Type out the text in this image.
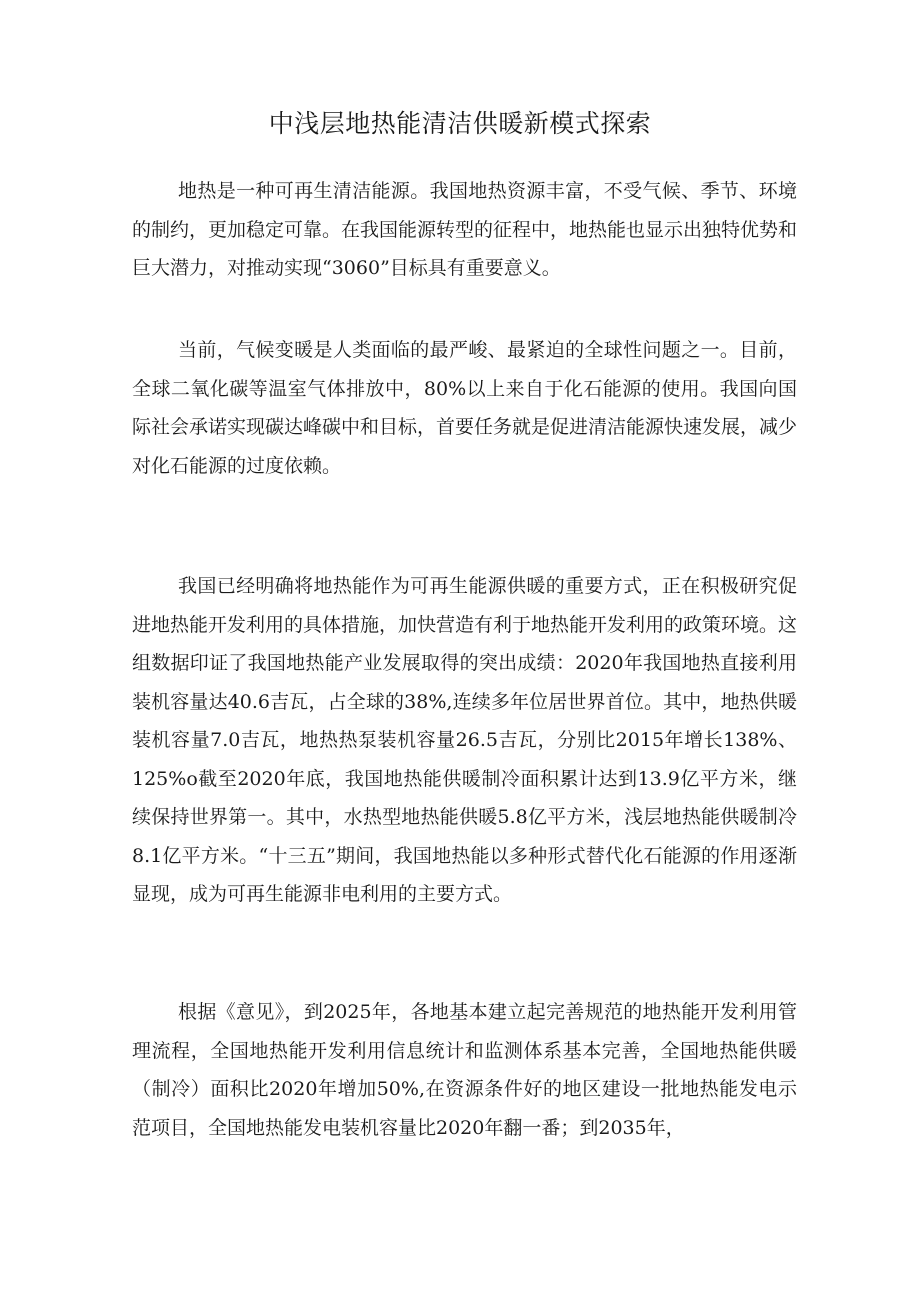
中浅层地热能清洁供暖新模式探索

地热是一种可再生清洁能源。我国地热资源丰富，不受气候、季节、环境的制约，更加稳定可靠。在我国能源转型的征程中，地热能也显示出独特优势和巨大潜力，对推动实现“3060”目标具有重要意义。

当前，气候变暖是人类面临的最严峻、最紧迫的全球性问题之一。目前，全球二氧化碳等温室气体排放中，80%以上来自于化石能源的使用。我国向国际社会承诺实现碳达峰碳中和目标，首要任务就是促进清洁能源快速发展，减少对化石能源的过度依赖。

我国已经明确将地热能作为可再生能源供暖的重要方式，正在积极研究促进地热能开发利用的具体措施，加快营造有利于地热能开发利用的政策环境。这组数据印证了我国地热能产业发展取得的突出成绩：2020年我国地热直接利用装机容量达40.6吉瓦，占全球的38%,连续多年位居世界首位。其中，地热供暖装机容量7.0吉瓦，地热热泵装机容量26.5吉瓦，分别比2015年增长138%、125%o截至2020年底，我国地热能供暖制冷面积累计达到13.9亿平方米，继续保持世界第一。其中，水热型地热能供暖5.8亿平方米，浅层地热能供暖制冷8.1亿平方米。“十三五”期间，我国地热能以多种形式替代化石能源的作用逐渐显现，成为可再生能源非电利用的主要方式。

根据《意见》，到2025年，各地基本建立起完善规范的地热能开发利用管理流程，全国地热能开发利用信息统计和监测体系基本完善，全国地热能供暖（制冷）面积比2020年增加50%,在资源条件好的地区建设一批地热能发电示范项目，全国地热能发电装机容量比2020年翻一番；到2035年，
